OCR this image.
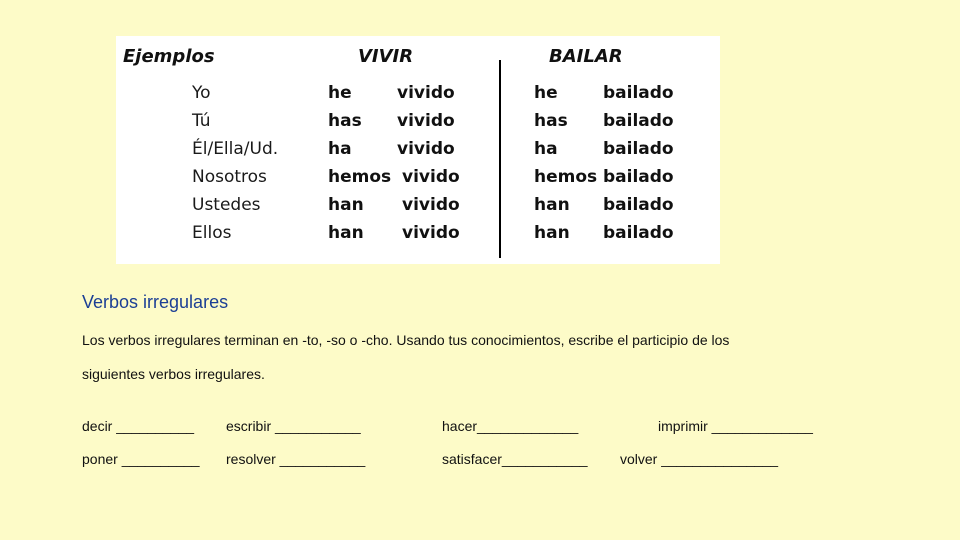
Ejemplos	VIVIR	BAILAR
Yo	he	vivido	he	bailado
Tú	has vivido	has bailado
Él/Ella/Ud.	ha	vivido	ha	bailado
Nosotros	hemos vivido	hemos bailado
Ustedes	han vivido	han bailado
Ellos	han vivido	han bailado
Verbos irregulares
Los verbos irregulares terminan en -to, -so o -cho. Usando tus conocimientos, escribe el participio de los
siguientes verbos irregulares.
decir __________ escribir ___________	hacer_____________	imprimir _____________
poner __________ resolver ___________	satisfacer___________ volver _______________
